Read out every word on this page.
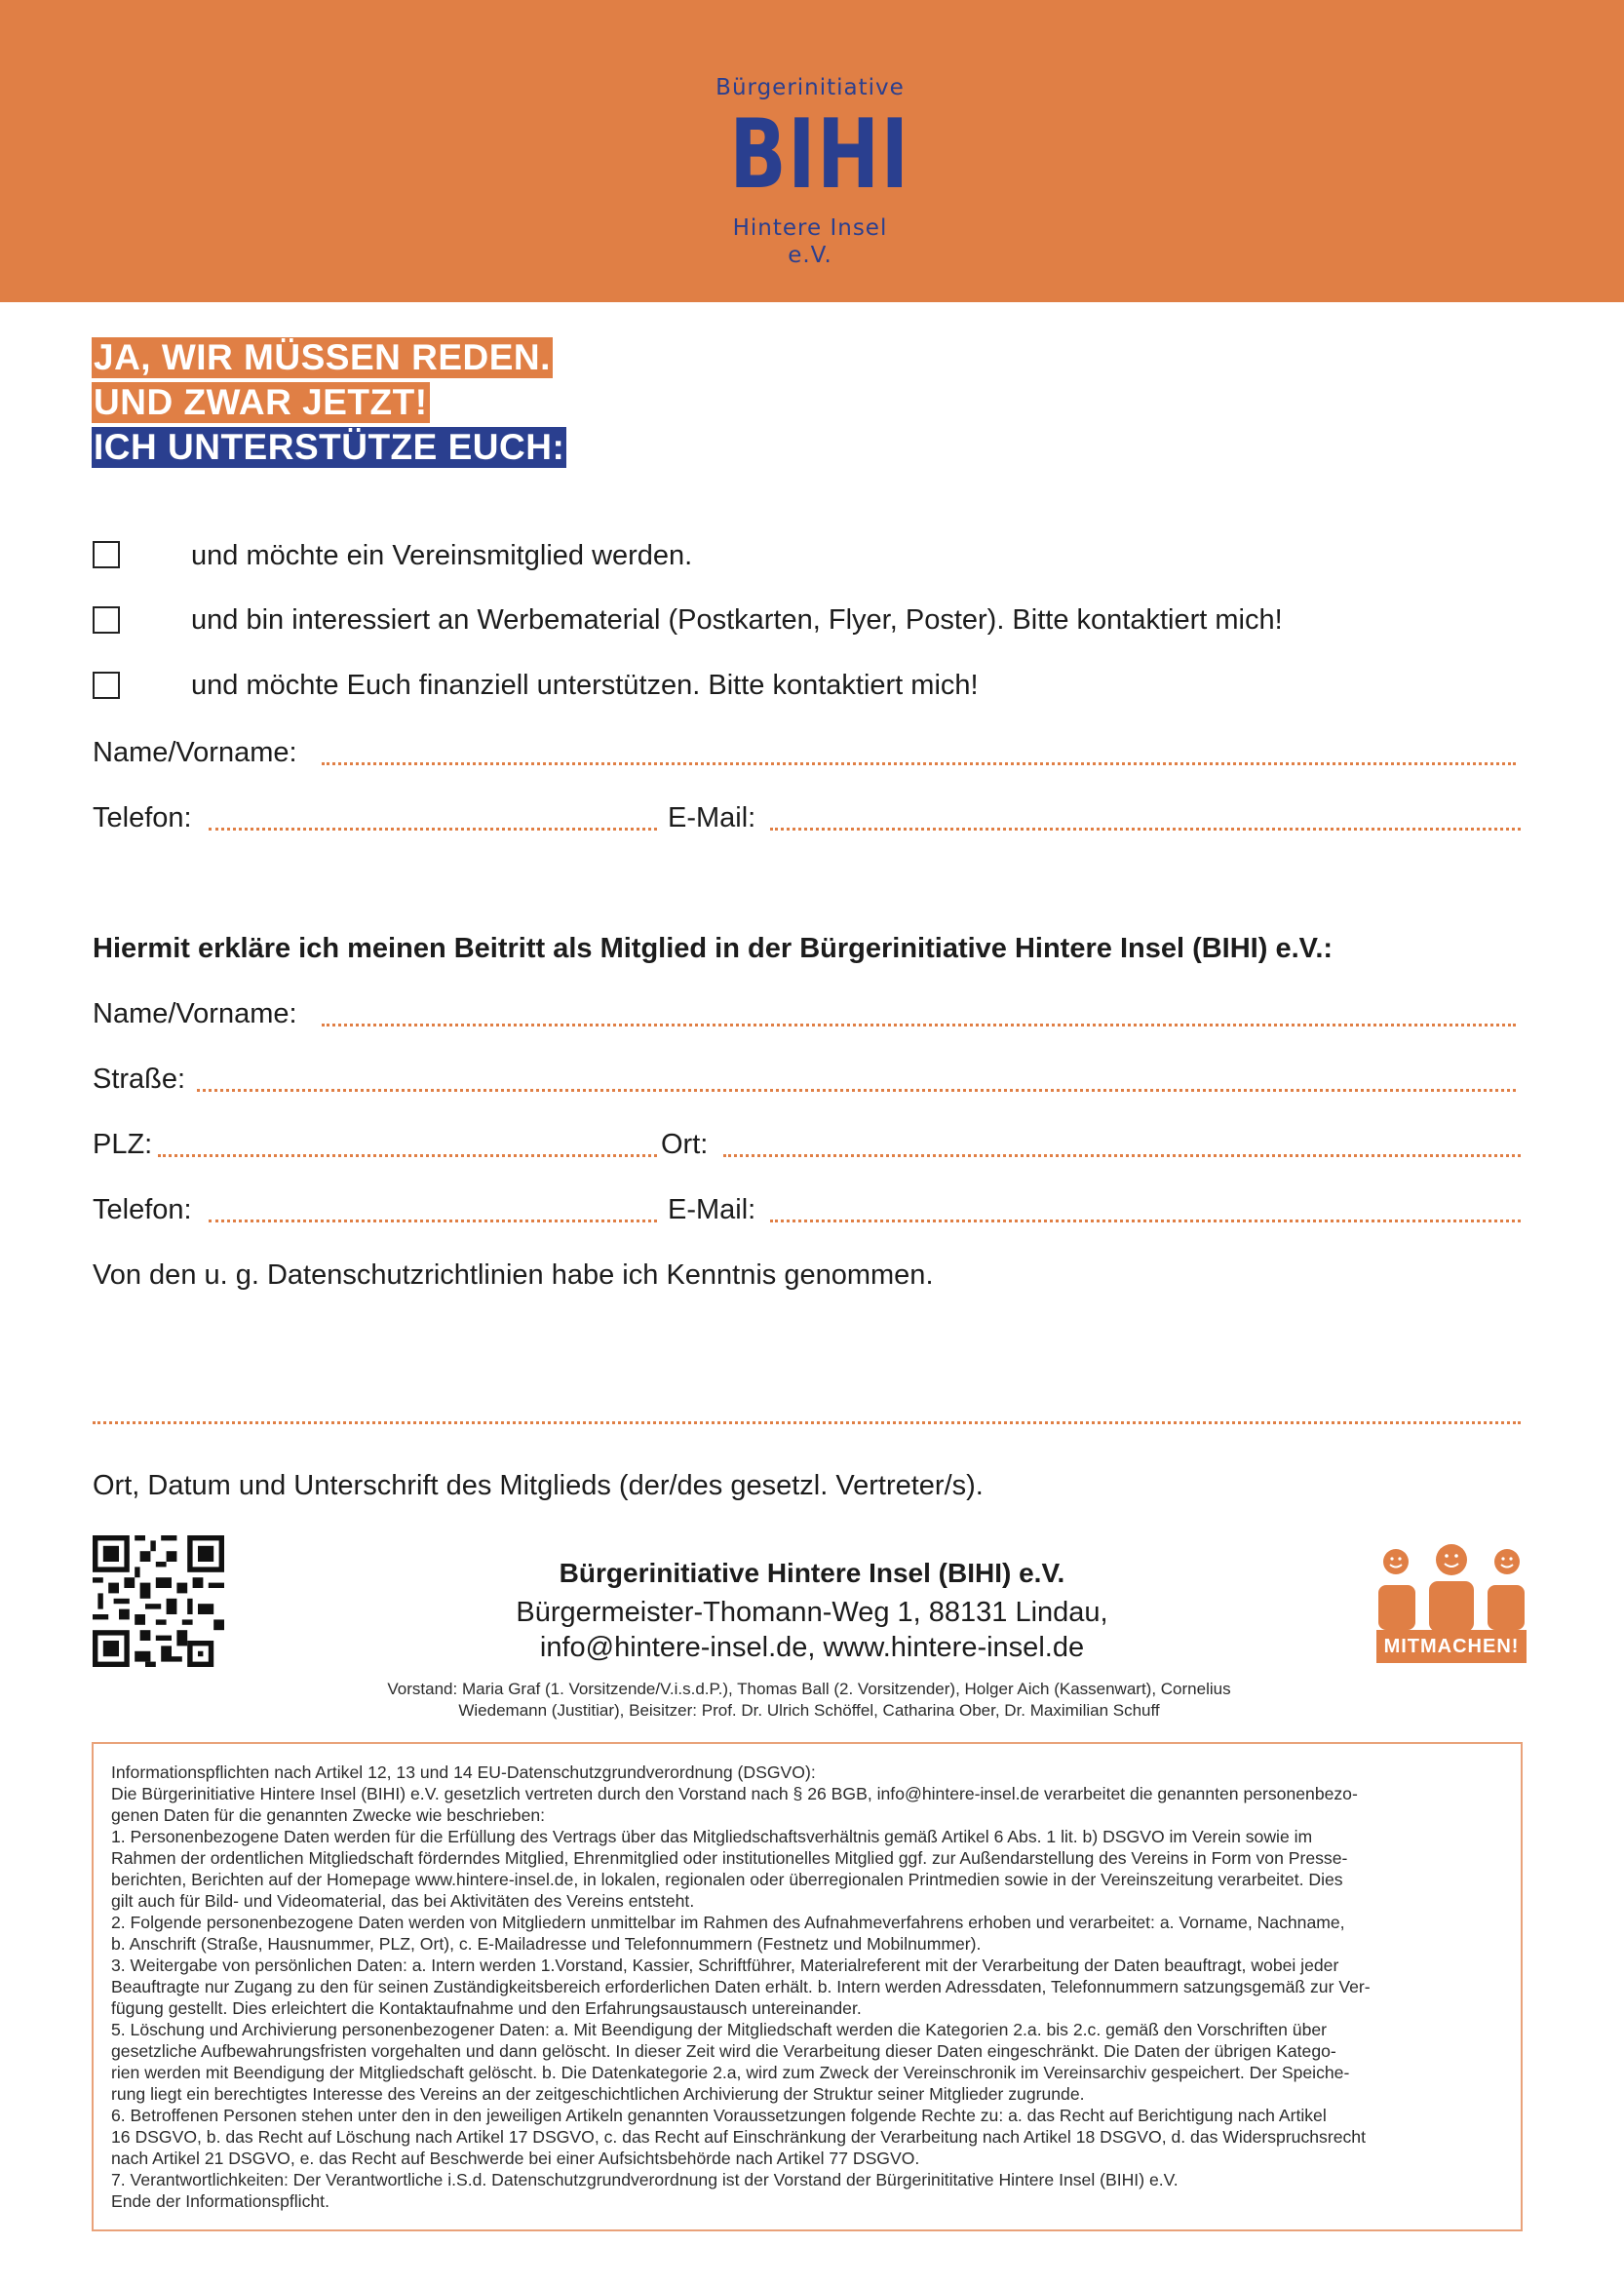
Bürgerinitiative
BIHI
Hintere Insel e.V.
JA, WIR MÜSSEN REDEN.
UND ZWAR JETZT!
ICH UNTERSTÜTZE EUCH:
und möchte ein Vereinsmitglied werden.
und bin interessiert an Werbematerial (Postkarten, Flyer, Poster). Bitte kontaktiert mich!
und möchte Euch finanziell unterstützen. Bitte kontaktiert mich!
Name/Vorname:
Telefon:	E-Mail:
Hiermit erkläre ich meinen Beitritt als Mitglied in der Bürgerinitiative Hintere Insel (BIHI) e.V.:
Name/Vorname:
Straße:
PLZ:	Ort:
Telefon:	E-Mail:
Von den u. g. Datenschutzrichtlinien habe ich Kenntnis genommen.
Ort, Datum und Unterschrift des Mitglieds (der/des gesetzl. Vertreter/s).
Bürgerinitiative Hintere Insel (BIHI) e.V.
Bürgermeister-Thomann-Weg 1, 88131 Lindau,
info@hintere-insel.de, www.hintere-insel.de
Vorstand: Maria Graf (1. Vorsitzende/V.i.s.d.P.), Thomas Ball (2. Vorsitzender), Holger Aich (Kassenwart), Cornelius
Wiedemann (Justitiar), Beisitzer: Prof. Dr. Ulrich Schöffel, Catharina Ober, Dr. Maximilian Schuff
MITMACHEN!
Informationspflichten nach Artikel 12, 13 und 14 EU-Datenschutzgrundverordnung (DSGVO):
Die Bürgerinitiative Hintere Insel (BIHI) e.V. gesetzlich vertreten durch den Vorstand nach § 26 BGB, info@hintere-insel.de verarbeitet die genannten personenbezo-
genen Daten für die genannten Zwecke wie beschrieben:
1. Personenbezogene Daten werden für die Erfüllung des Vertrags über das Mitgliedschaftsverhältnis gemäß Artikel 6 Abs. 1 lit. b) DSGVO im Verein sowie im
Rahmen der ordentlichen Mitgliedschaft förderndes Mitglied, Ehrenmitglied oder institutionelles Mitglied ggf. zur Außendarstellung des Vereins in Form von Presse-
berichten, Berichten auf der Homepage www.hintere-insel.de, in lokalen, regionalen oder überregionalen Printmedien sowie in der Vereinszeitung verarbeitet. Dies
gilt auch für Bild- und Videomaterial, das bei Aktivitäten des Vereins entsteht.
2. Folgende personenbezogene Daten werden von Mitgliedern unmittelbar im Rahmen des Aufnahmeverfahrens erhoben und verarbeitet: a. Vorname, Nachname,
b. Anschrift (Straße, Hausnummer, PLZ, Ort), c. E-Mailadresse und Telefonnummern (Festnetz und Mobilnummer).
3. Weitergabe von persönlichen Daten: a. Intern werden 1.Vorstand, Kassier, Schriftführer, Materialreferent mit der Verarbeitung der Daten beauftragt, wobei jeder
Beauftragte nur Zugang zu den für seinen Zuständigkeitsbereich erforderlichen Daten erhält. b. Intern werden Adressdaten, Telefonnummern satzungsgemäß zur Ver-
fügung gestellt. Dies erleichtert die Kontaktaufnahme und den Erfahrungsaustausch untereinander.
5. Löschung und Archivierung personenbezogener Daten: a. Mit Beendigung der Mitgliedschaft werden die Kategorien 2.a. bis 2.c. gemäß den Vorschriften über
gesetzliche Aufbewahrungsfristen vorgehalten und dann gelöscht. In dieser Zeit wird die Verarbeitung dieser Daten eingeschränkt. Die Daten der übrigen Katego-
rien werden mit Beendigung der Mitgliedschaft gelöscht. b. Die Datenkategorie 2.a, wird zum Zweck der Vereinschronik im Vereinsarchiv gespeichert. Der Speiche-
rung liegt ein berechtigtes Interesse des Vereins an der zeitgeschichtlichen Archivierung der Struktur seiner Mitglieder zugrunde.
6. Betroffenen Personen stehen unter den in den jeweiligen Artikeln genannten Voraussetzungen folgende Rechte zu: a. das Recht auf Berichtigung nach Artikel
16 DSGVO, b. das Recht auf Löschung nach Artikel 17 DSGVO, c. das Recht auf Einschränkung der Verarbeitung nach Artikel 18 DSGVO, d. das Widerspruchsrecht
nach Artikel 21 DSGVO, e. das Recht auf Beschwerde bei einer Aufsichtsbehörde nach Artikel 77 DSGVO.
7. Verantwortlichkeiten: Der Verantwortliche i.S.d. Datenschutzgrundverordnung ist der Vorstand der Bürgerinititative Hintere Insel (BIHI) e.V.
Ende der Informationspflicht.
